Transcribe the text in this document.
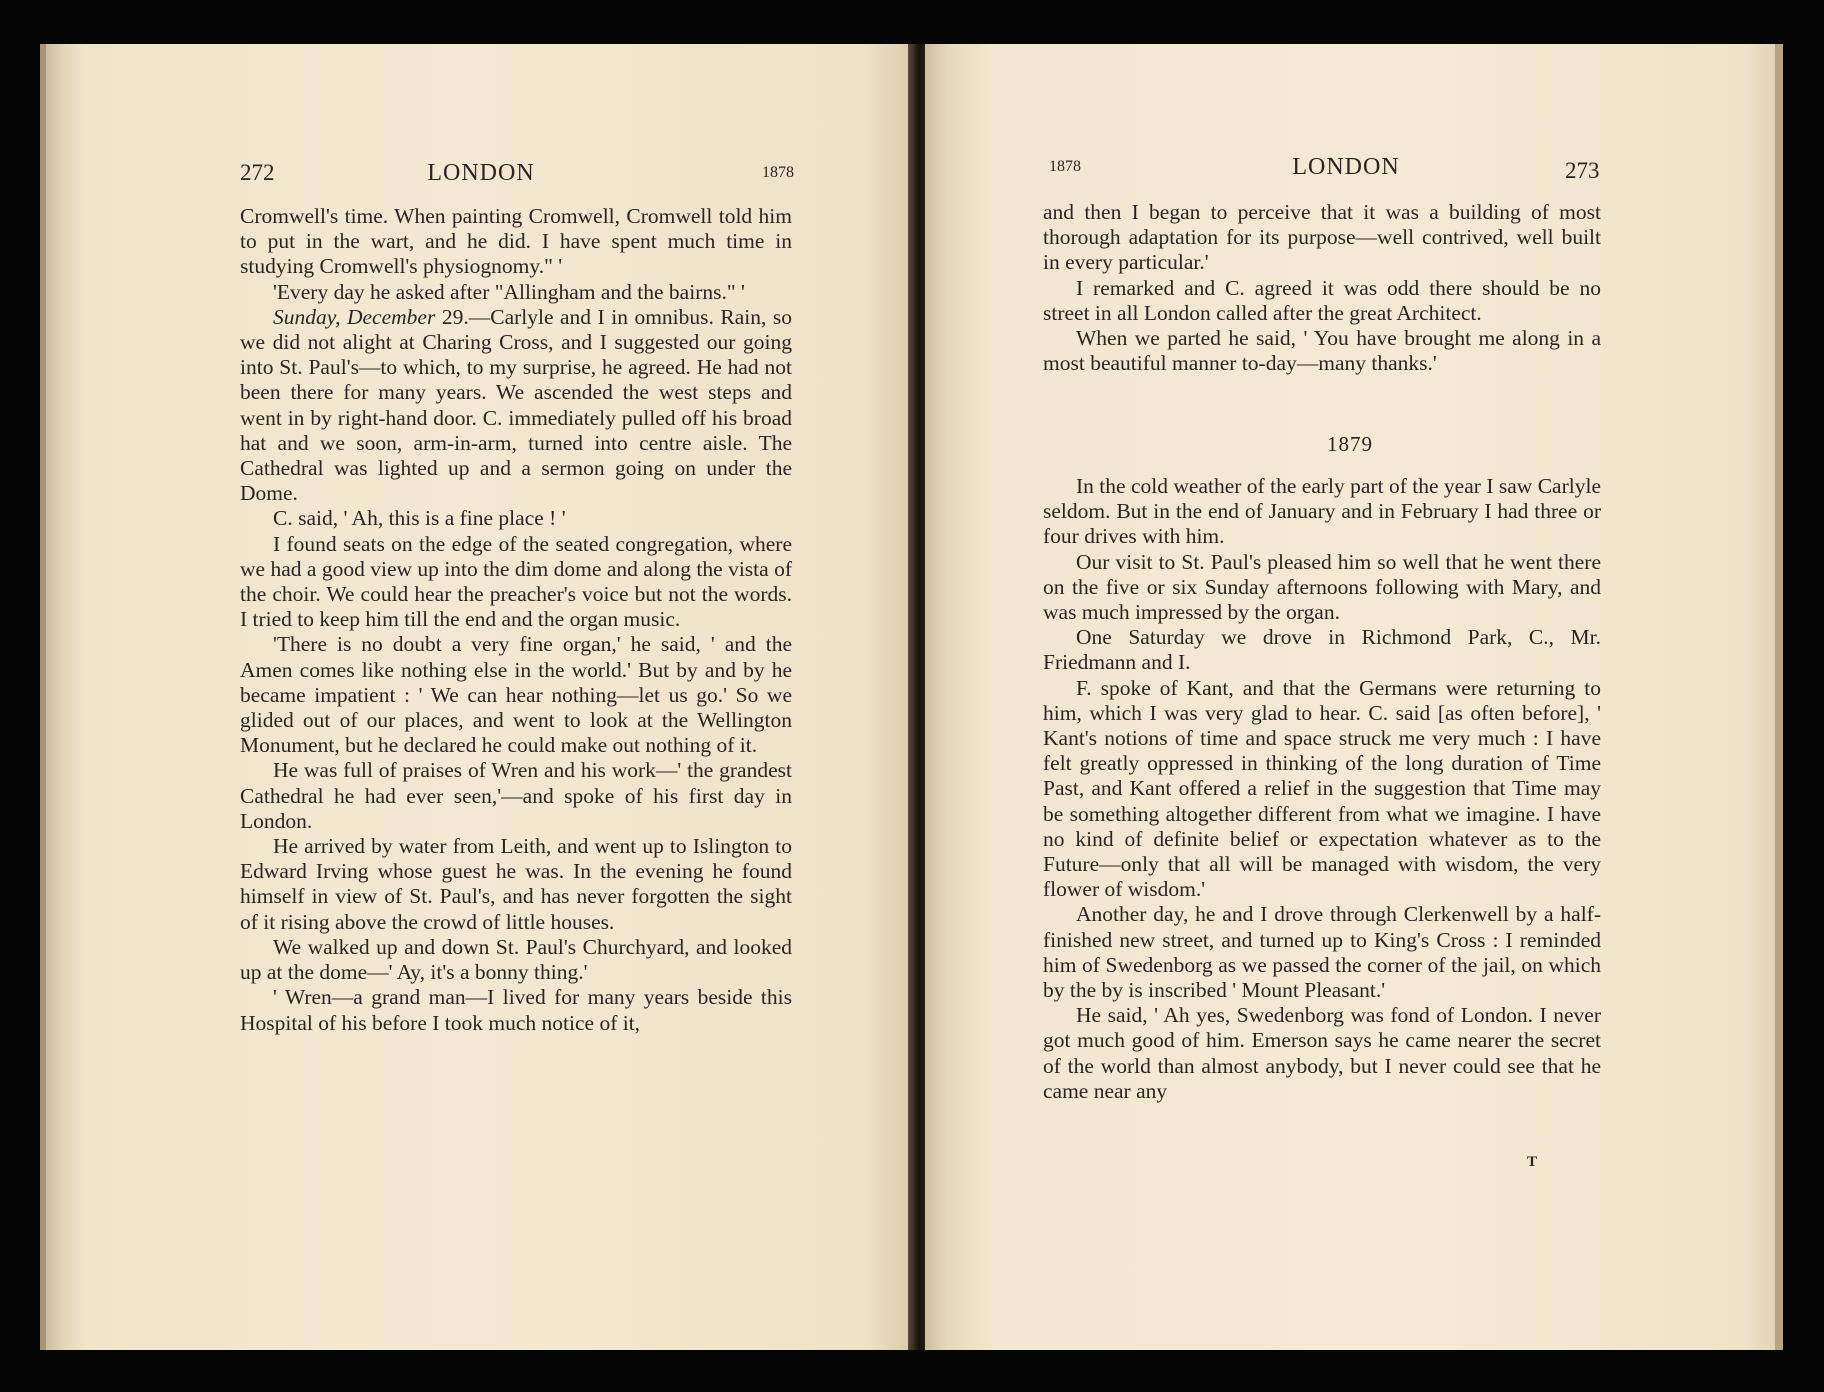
272	LONDON	1878

Cromwell's time. When painting Cromwell, Cromwell told him to put in the wart, and he did. I have spent much time in studying Cromwell's physiognomy." '

'Every day he asked after "Allingham and the bairns." '

Sunday, December 29.—Carlyle and I in omnibus. Rain, so we did not alight at Charing Cross, and I suggested our going into St. Paul's—to which, to my surprise, he agreed. He had not been there for many years. We ascended the west steps and went in by right-hand door. C. immediately pulled off his broad hat and we soon, arm-in-arm, turned into centre aisle. The Cathedral was lighted up and a sermon going on under the Dome.

C. said, ' Ah, this is a fine place ! '

I found seats on the edge of the seated congregation, where we had a good view up into the dim dome and along the vista of the choir. We could hear the preacher's voice but not the words. I tried to keep him till the end and the organ music.

'There is no doubt a very fine organ,' he said, ' and the Amen comes like nothing else in the world.' But by and by he became impatient : ' We can hear nothing—let us go.' So we glided out of our places, and went to look at the Wellington Monument, but he declared he could make out nothing of it.

He was full of praises of Wren and his work—' the grandest Cathedral he had ever seen,'—and spoke of his first day in London.

He arrived by water from Leith, and went up to Islington to Edward Irving whose guest he was. In the evening he found himself in view of St. Paul's, and has never forgotten the sight of it rising above the crowd of little houses.

We walked up and down St. Paul's Churchyard, and looked up at the dome—' Ay, it's a bonny thing.'

' Wren—a grand man—I lived for many years beside this Hospital of his before I took much notice of it,

1878	LONDON	273

and then I began to perceive that it was a building of most thorough adaptation for its purpose—well contrived, well built in every particular.'

I remarked and C. agreed it was odd there should be no street in all London called after the great Architect.

When we parted he said, ' You have brought me along in a most beautiful manner to-day—many thanks.'

1879

In the cold weather of the early part of the year I saw Carlyle seldom. But in the end of January and in February I had three or four drives with him.

Our visit to St. Paul's pleased him so well that he went there on the five or six Sunday afternoons following with Mary, and was much impressed by the organ.

One Saturday we drove in Richmond Park, C., Mr. Friedmann and I.

F. spoke of Kant, and that the Germans were returning to him, which I was very glad to hear. C. said [as often before], ' Kant's notions of time and space struck me very much : I have felt greatly oppressed in thinking of the long duration of Time Past, and Kant offered a relief in the suggestion that Time may be something altogether different from what we imagine. I have no kind of definite belief or expectation whatever as to the Future—only that all will be managed with wisdom, the very flower of wisdom.'

Another day, he and I drove through Clerkenwell by a half-finished new street, and turned up to King's Cross : I reminded him of Swedenborg as we passed the corner of the jail, on which by the by is inscribed ' Mount Pleasant.'

He said, ' Ah yes, Swedenborg was fond of London. I never got much good of him. Emerson says he came nearer the secret of the world than almost anybody, but I never could see that he came near any

T
